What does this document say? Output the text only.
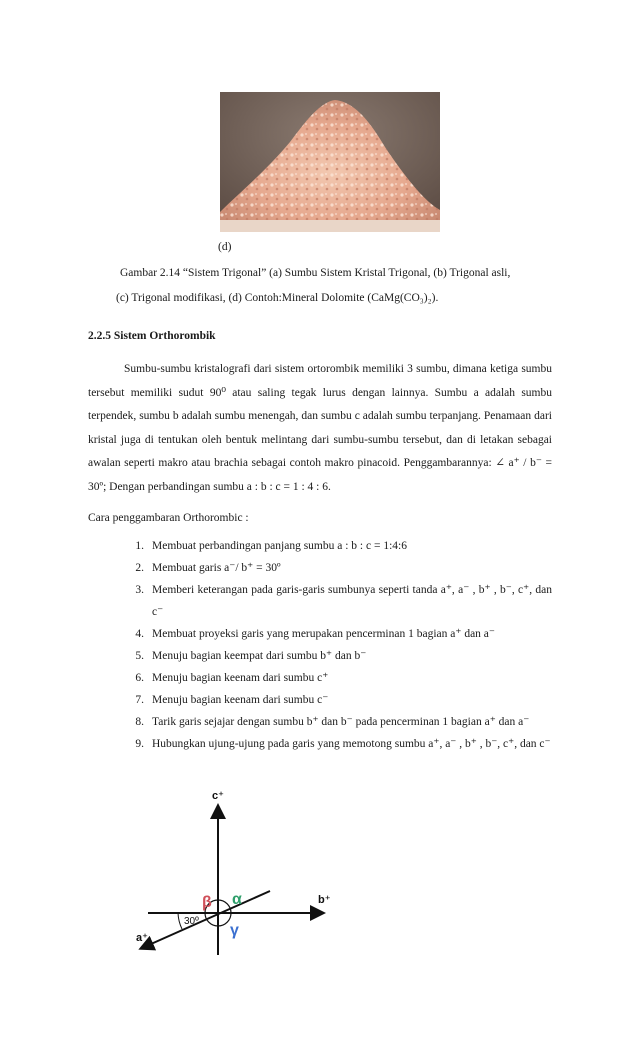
(d)
Gambar 2.14 “Sistem Trigonal” (a) Sumbu Sistem Kristal Trigonal, (b) Trigonal asli,
(c) Trigonal modifikasi, (d) Contoh:Mineral Dolomite (CaMg(CO₃)₂).
2.2.5 Sistem Orthorombik
Sumbu-sumbu kristalografi dari sistem ortorombik memiliki 3 sumbu, dimana ketiga sumbu tersebut memiliki sudut 90⁰ atau saling tegak lurus dengan lainnya. Sumbu a adalah sumbu terpendek, sumbu b adalah sumbu menengah, dan sumbu c adalah sumbu terpanjang. Penamaan dari kristal juga di tentukan oleh bentuk melintang dari sumbu-sumbu tersebut, dan di letakan sebagai awalan seperti makro atau brachia sebagai contoh makro pinacoid. Penggambarannya: ∠ a⁺ / b⁻ = 30º; Dengan perbandingan sumbu a : b : c = 1 : 4 : 6.
Cara penggambaran Orthorombic :
1. Membuat perbandingan panjang sumbu a : b : c = 1:4:6
2. Membuat garis a⁻/ b⁺ = 30º
3. Memberi keterangan pada garis-garis sumbunya seperti tanda a⁺, a⁻ , b⁺ , b⁻, c⁺, dan c⁻
4. Membuat proyeksi garis yang merupakan pencerminan 1 bagian a⁺ dan a⁻
5. Menuju bagian keempat dari sumbu b⁺ dan b⁻
6. Menuju bagian keenam dari sumbu c⁺
7. Menuju bagian keenam dari sumbu c⁻
8. Tarik garis sejajar dengan sumbu b⁺ dan b⁻ pada pencerminan 1 bagian a⁺ dan a⁻
9. Hubungkan ujung-ujung pada garis yang memotong sumbu a⁺, a⁻ , b⁺ , b⁻, c⁺, dan c⁻
c⁺
b⁺
a⁺
α
β
γ
30º
